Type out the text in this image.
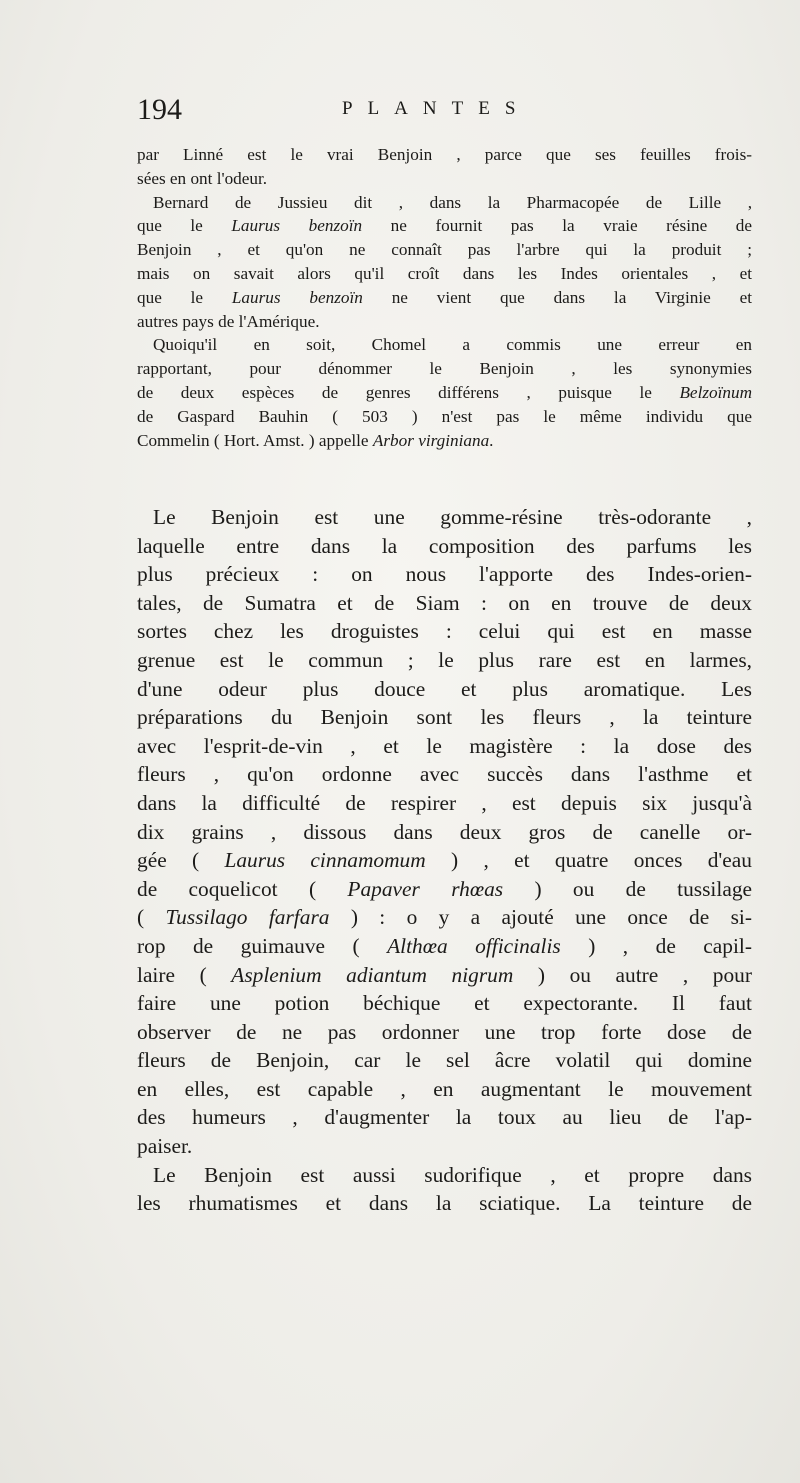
194	PLANTES
par Linné est le vrai Benjoin , parce que ses feuilles frois-
sées en ont l'odeur.
Bernard de Jussieu dit , dans la Pharmacopée de Lille ,
que le Laurus benzoïn ne fournit pas la vraie résine de
Benjoin , et qu'on ne connaît pas l'arbre qui la produit ;
mais on savait alors qu'il croît dans les Indes orientales , et
que le Laurus benzoïn ne vient que dans la Virginie et
autres pays de l'Amérique.
Quoiqu'il en soit, Chomel a commis une erreur en
rapportant, pour dénommer le Benjoin , les synonymies
de deux espèces de genres différens , puisque le Belzoïnum
de Gaspard Bauhin ( 503 ) n'est pas le même individu que
Commelin ( Hort. Amst. ) appelle Arbor virginiana.
Le Benjoin est une gomme-résine très-odorante ,
laquelle entre dans la composition des parfums les
plus précieux : on nous l'apporte des Indes-orien-
tales, de Sumatra et de Siam : on en trouve de deux
sortes chez les droguistes : celui qui est en masse
grenue est le commun ; le plus rare est en larmes,
d'une odeur plus douce et plus aromatique. Les
préparations du Benjoin sont les fleurs , la teinture
avec l'esprit-de-vin , et le magistère : la dose des
fleurs , qu'on ordonne avec succès dans l'asthme et
dans la difficulté de respirer , est depuis six jusqu'à
dix grains , dissous dans deux gros de canelle or-
gée ( Laurus cinnamomum ) , et quatre onces d'eau
de coquelicot ( Papaver rhœas ) ou de tussilage
( Tussilago farfara ) : o y a ajouté une once de si-
rop de guimauve ( Althœa officinalis ) , de capil-
laire ( Asplenium adiantum nigrum ) ou autre , pour
faire une potion béchique et expectorante. Il faut
observer de ne pas ordonner une trop forte dose de
fleurs de Benjoin, car le sel âcre volatil qui domine
en elles, est capable , en augmentant le mouvement
des humeurs , d'augmenter la toux au lieu de l'ap-
paiser.
Le Benjoin est aussi sudorifique , et propre dans
les rhumatismes et dans la sciatique. La teinture de
